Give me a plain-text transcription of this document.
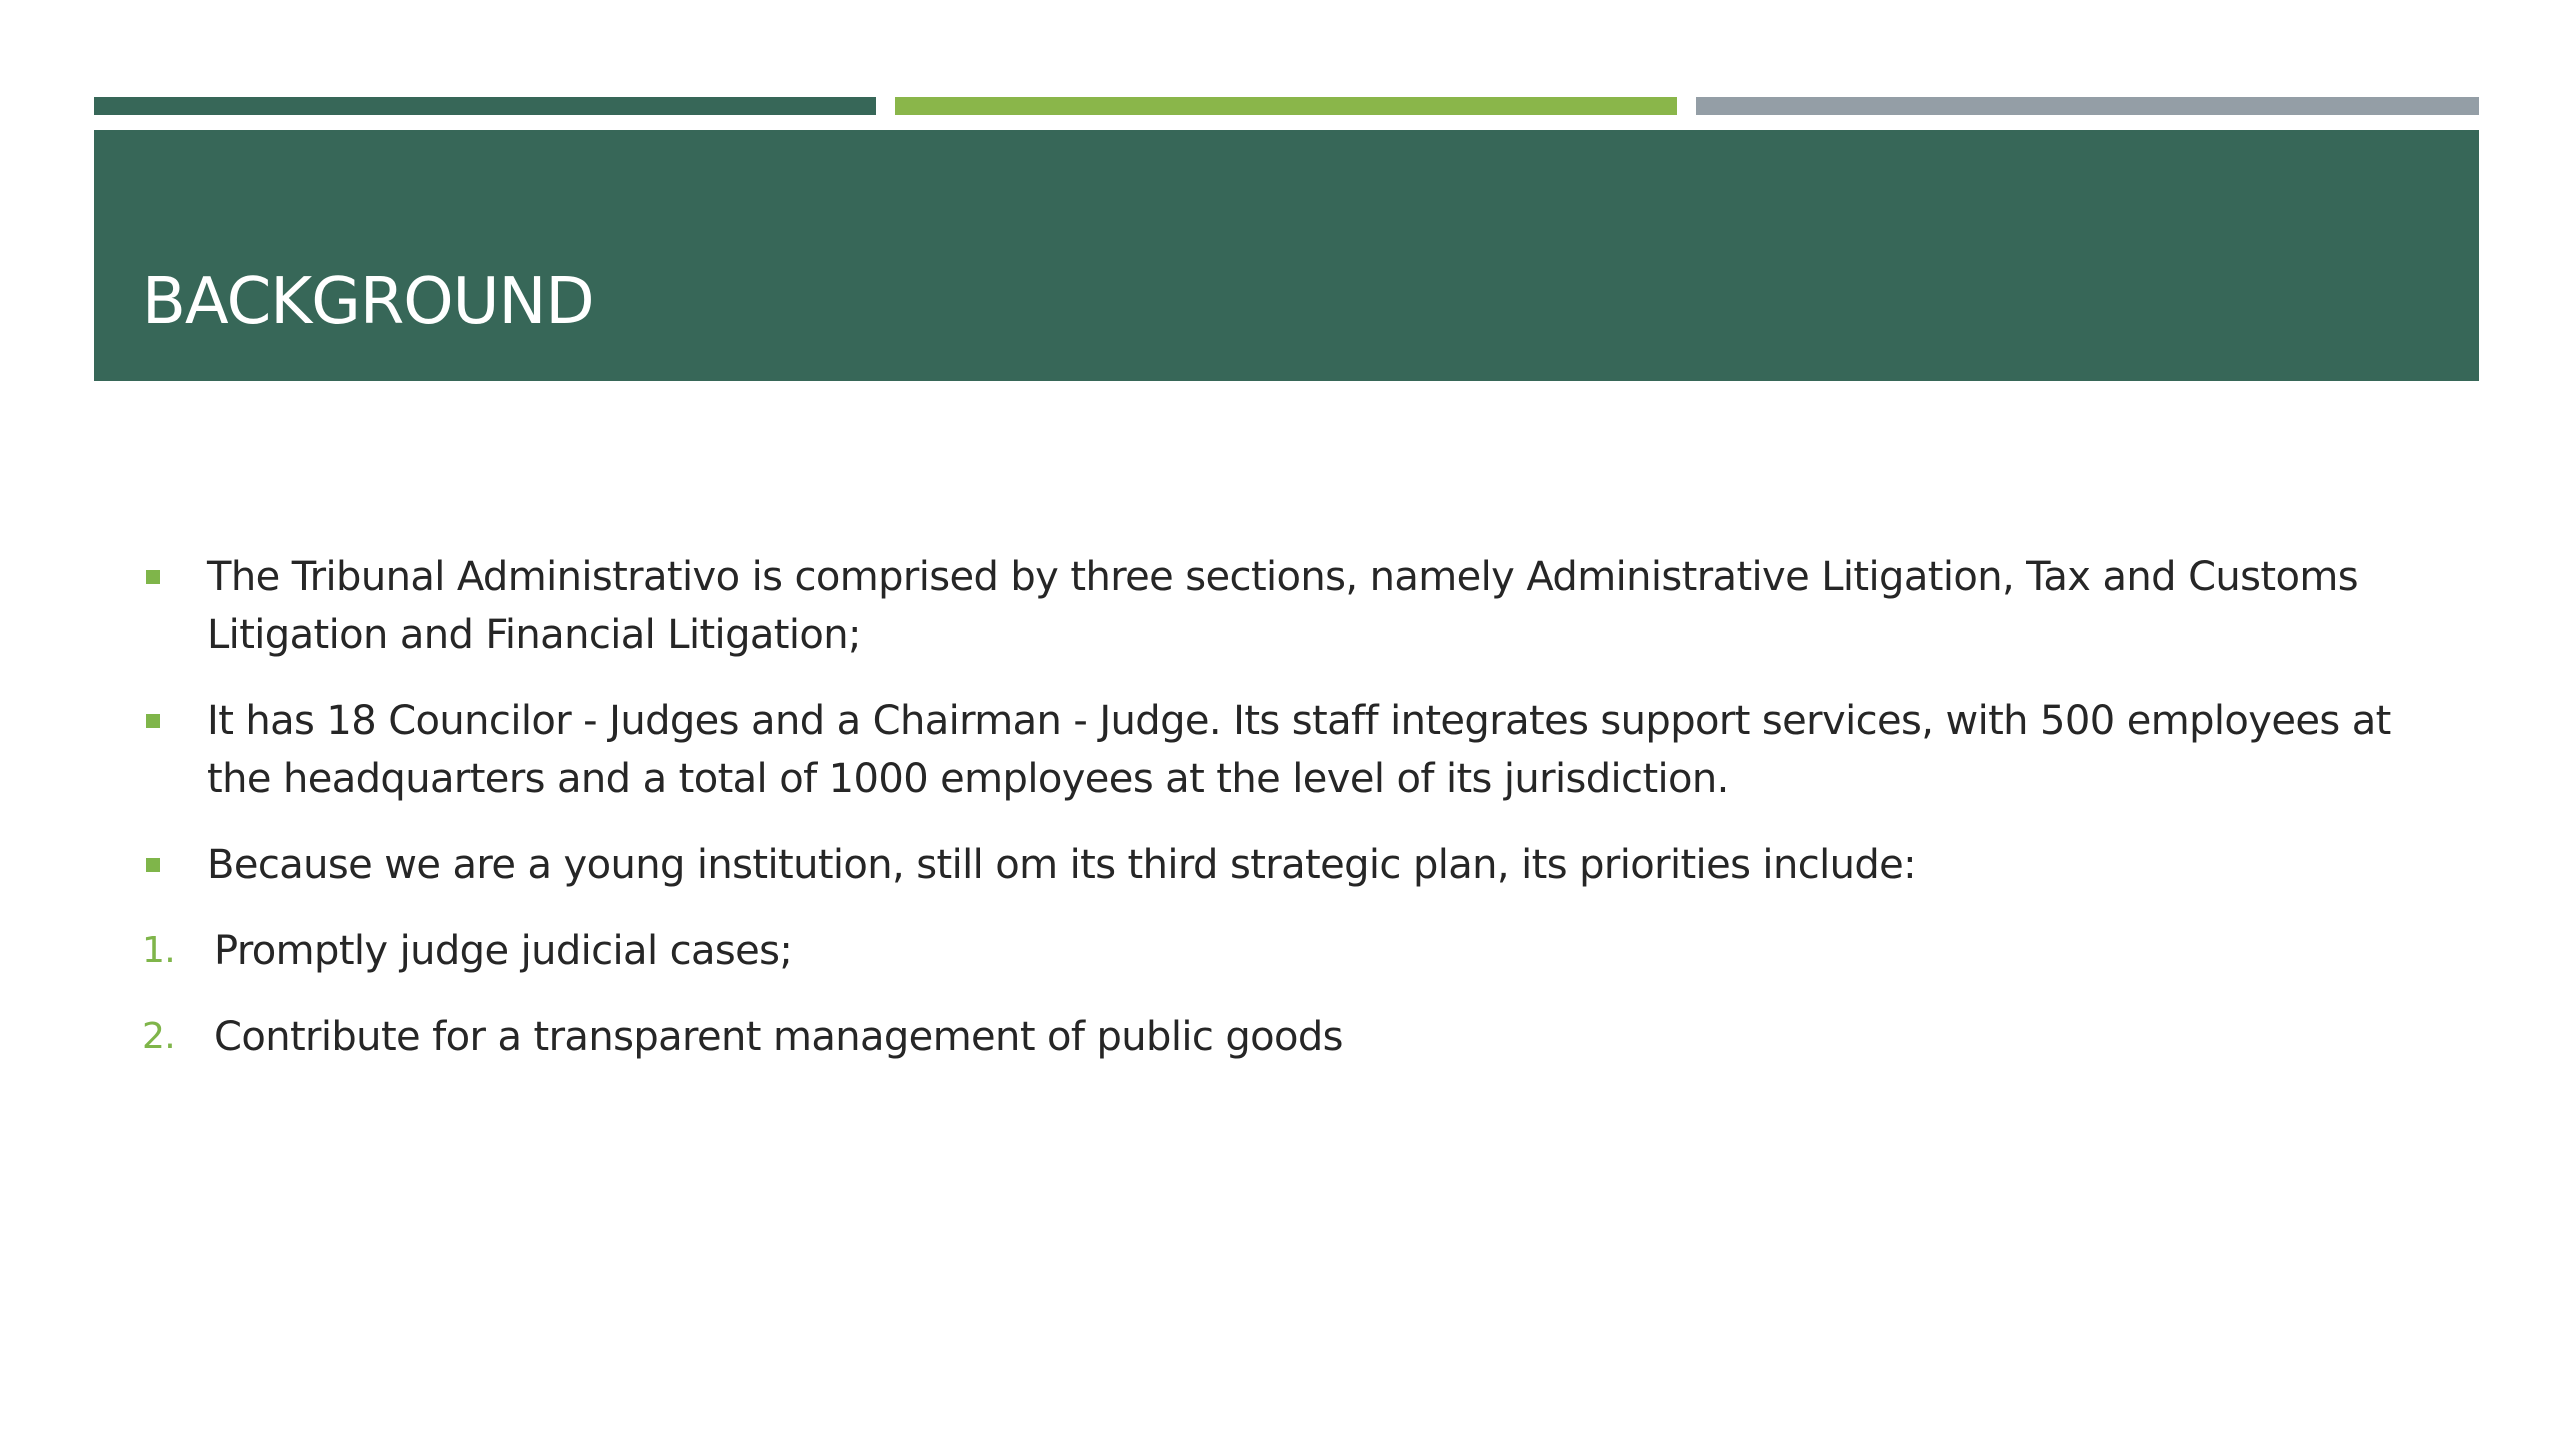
BACKGROUND
The Tribunal Administrativo is comprised by three sections, namely Administrative Litigation, Tax and Customs Litigation and Financial Litigation;
It has 18 Councilor - Judges and a Chairman - Judge. Its staff integrates support services, with 500 employees at the headquarters and a total of 1000 employees at the level of its jurisdiction.
Because we are a young institution, still om its third strategic plan, its priorities include:
1. Promptly judge judicial cases;
2. Contribute for a transparent management of public goods
